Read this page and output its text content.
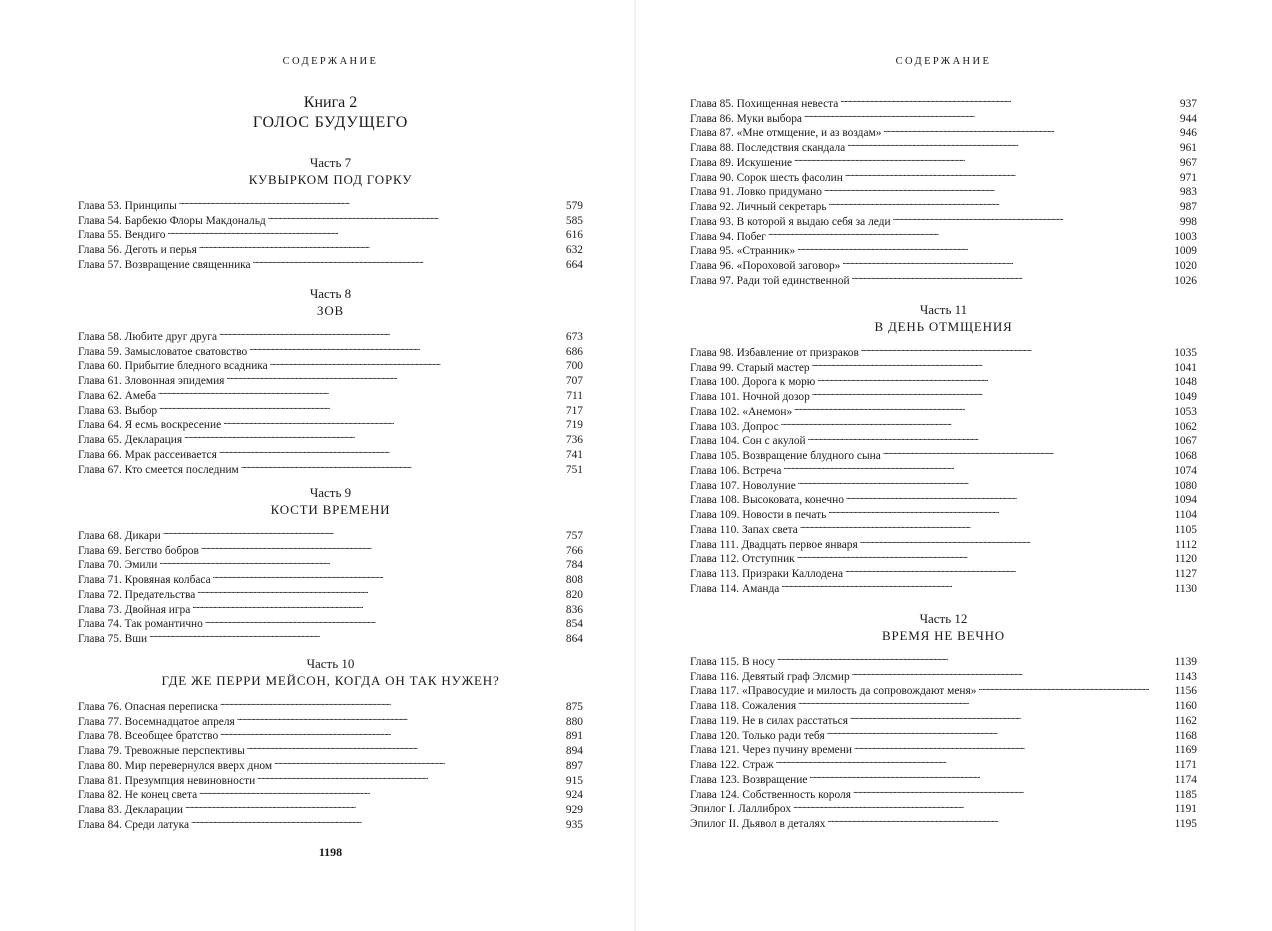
СОДЕРЖАНИЕ
Книга 2
ГОЛОС БУДУЩЕГО
Часть 7
КУВЫРКОМ ПОД ГОРКУ
Глава 53. Принципы . . .	579
Глава 54. Барбекю Флоры Макдональд . . .	585
Глава 55. Вендиго . . .	616
Глава 56. Деготь и перья . . .	632
Глава 57. Возвращение священника . . .	664
Часть 8
ЗОВ
Глава 58. Любите друг друга . . .	673
Глава 59. Замысловатое сватовство . . .	686
Глава 60. Прибытие бледного всадника . . .	700
Глава 61. Зловонная эпидемия . . .	707
Глава 62. Амеба . . .	711
Глава 63. Выбор . . .	717
Глава 64. Я есмь воскресение . . .	719
Глава 65. Декларация . . .	736
Глава 66. Мрак рассеивается . . .	741
Глава 67. Кто смеется последним . . .	751
Часть 9
КОСТИ ВРЕМЕНИ
Глава 68. Дикари . . .	757
Глава 69. Бегство бобров . . .	766
Глава 70. Эмили . . .	784
Глава 71. Кровяная колбаса . . .	808
Глава 72. Предательства . . .	820
Глава 73. Двойная игра . . .	836
Глава 74. Так романтично . . .	854
Глава 75. Вши . . .	864
Часть 10
ГДЕ ЖЕ ПЕРРИ МЕЙСОН, КОГДА ОН ТАК НУЖЕН?
Глава 76. Опасная переписка . . .	875
Глава 77. Восемнадцатое апреля . . .	880
Глава 78. Всеобщее братство . . .	891
Глава 79. Тревожные перспективы . . .	894
Глава 80. Мир перевернулся вверх дном . . .	897
Глава 81. Презумпция невиновности . . .	915
Глава 82. Не конец света . . .	924
Глава 83. Декларации . . .	929
Глава 84. Среди латука . . .	935
1198
СОДЕРЖАНИЕ
Глава 85. Похищенная невеста . . .	937
Глава 86. Муки выбора . . .	944
Глава 87. «Мне отмщение, и аз воздам» . . .	946
Глава 88. Последствия скандала . . .	961
Глава 89. Искушение . . .	967
Глава 90. Сорок шесть фасолин . . .	971
Глава 91. Ловко придумано . . .	983
Глава 92. Личный секретарь . . .	987
Глава 93. В которой я выдаю себя за леди . . .	998
Глава 94. Побег . . .	1003
Глава 95. «Странник» . . .	1009
Глава 96. «Пороховой заговор» . . .	1020
Глава 97. Ради той единственной . . .	1026
Часть 11
В ДЕНЬ ОТМЩЕНИЯ
Глава 98. Избавление от призраков . . .	1035
Глава 99. Старый мастер . . .	1041
Глава 100. Дорога к морю . . .	1048
Глава 101. Ночной дозор . . .	1049
Глава 102. «Анемон» . . .	1053
Глава 103. Допрос . . .	1062
Глава 104. Сон с акулой . . .	1067
Глава 105. Возвращение блудного сына . . .	1068
Глава 106. Встреча . . .	1074
Глава 107. Новолуние . . .	1080
Глава 108. Высоковата, конечно . . .	1094
Глава 109. Новости в печать . . .	1104
Глава 110. Запах света . . .	1105
Глава 111. Двадцать первое января . . .	1112
Глава 112. Отступник . . .	1120
Глава 113. Призраки Каллодена . . .	1127
Глава 114. Аманда . . .	1130
Часть 12
ВРЕМЯ НЕ ВЕЧНО
Глава 115. В носу . . .	1139
Глава 116. Девятый граф Элсмир . . .	1143
Глава 117. «Правосудие и милость да сопровождают меня» . . .	1156
Глава 118. Сожаления . . .	1160
Глава 119. Не в силах расстаться . . .	1162
Глава 120. Только ради тебя . . .	1168
Глава 121. Через пучину времени . . .	1169
Глава 122. Страж . . .	1171
Глава 123. Возвращение . . .	1174
Глава 124. Собственность короля . . .	1185
Эпилог I. Лаллиброх . . .	1191
Эпилог II. Дьявол в деталях . . .	1195
